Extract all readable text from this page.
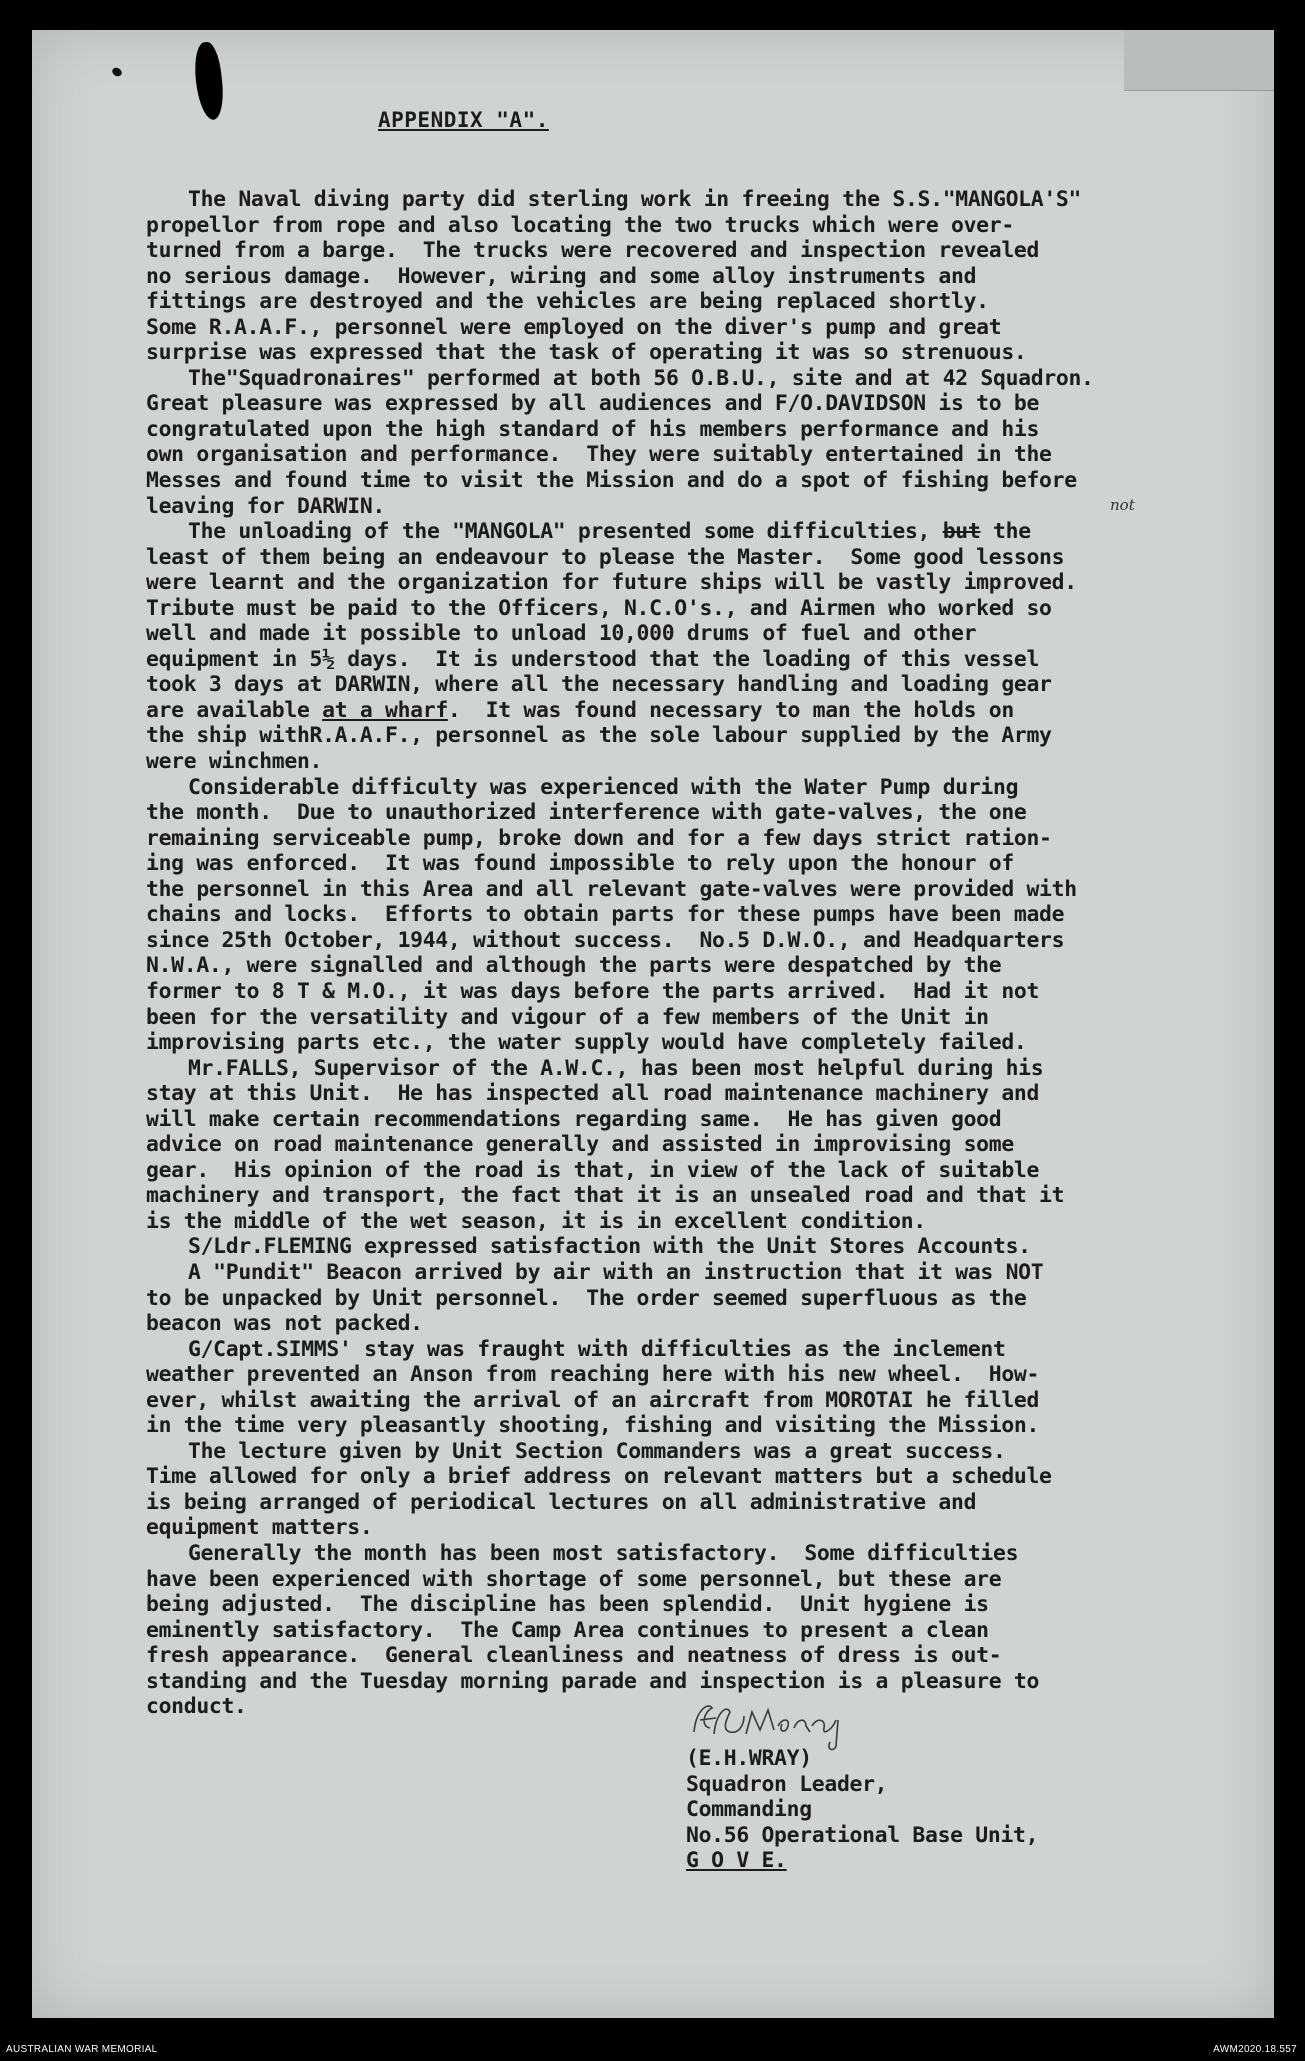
APPENDIX "A".

The Naval diving party did sterling work in freeing the S.S."MANGOLA'S"

propellor from rope and also locating the two trucks which were over-

turned from a barge.  The trucks were recovered and inspection revealed

no serious damage.  However, wiring and some alloy instruments and

fittings are destroyed and the vehicles are being replaced shortly.

Some R.A.A.F., personnel were employed on the diver's pump and great

surprise was expressed that the task of operating it was so strenuous.

The"Squadronaires" performed at both 56 O.B.U., site and at 42 Squadron.

Great pleasure was expressed by all audiences and F/O.DAVIDSON is to be

congratulated upon the high standard of his members performance and his

own organisation and performance.  They were suitably entertained in the

Messes and found time to visit the Mission and do a spot of fishing before

leaving for DARWIN.

The unloading of the "MANGOLA" presented some difficulties, but the

least of them being an endeavour to please the Master.  Some good lessons

were learnt and the organization for future ships will be vastly improved.

Tribute must be paid to the Officers, N.C.O's., and Airmen who worked so

well and made it possible to unload 10,000 drums of fuel and other

equipment in 5½ days.  It is understood that the loading of this vessel

took 3 days at DARWIN, where all the necessary handling and loading gear

are available at a wharf.  It was found necessary to man the holds on

the ship withR.A.A.F., personnel as the sole labour supplied by the Army

were winchmen.

Considerable difficulty was experienced with the Water Pump during

the month.  Due to unauthorized interference with gate-valves, the one

remaining serviceable pump, broke down and for a few days strict ration-

ing was enforced.  It was found impossible to rely upon the honour of

the personnel in this Area and all relevant gate-valves were provided with

chains and locks.  Efforts to obtain parts for these pumps have been made

since 25th October, 1944, without success.  No.5 D.W.O., and Headquarters

N.W.A., were signalled and although the parts were despatched by the

former to 8 T & M.O., it was days before the parts arrived.  Had it not

been for the versatility and vigour of a few members of the Unit in

improvising parts etc., the water supply would have completely failed.

Mr.FALLS, Supervisor of the A.W.C., has been most helpful during his

stay at this Unit.  He has inspected all road maintenance machinery and

will make certain recommendations regarding same.  He has given good

advice on road maintenance generally and assisted in improvising some

gear.  His opinion of the road is that, in view of the lack of suitable

machinery and transport, the fact that it is an unsealed road and that it

is the middle of the wet season, it is in excellent condition.

S/Ldr.FLEMING expressed satisfaction with the Unit Stores Accounts.

A "Pundit" Beacon arrived by air with an instruction that it was NOT

to be unpacked by Unit personnel.  The order seemed superfluous as the

beacon was not packed.

G/Capt.SIMMS' stay was fraught with difficulties as the inclement

weather prevented an Anson from reaching here with his new wheel.  How-

ever, whilst awaiting the arrival of an aircraft from MOROTAI he filled

in the time very pleasantly shooting, fishing and visiting the Mission.

The lecture given by Unit Section Commanders was a great success.

Time allowed for only a brief address on relevant matters but a schedule

is being arranged of periodical lectures on all administrative and

equipment matters.

Generally the month has been most satisfactory.  Some difficulties

have been experienced with shortage of some personnel, but these are

being adjusted.  The discipline has been splendid.  Unit hygiene is

eminently satisfactory.  The Camp Area continues to present a clean

fresh appearance.  General cleanliness and neatness of dress is out-

standing and the Tuesday morning parade and inspection is a pleasure to

conduct.

not

(E.H.WRAY)

Squadron Leader,

Commanding

No.56 Operational Base Unit,

G O V E.

AUSTRALIAN WAR MEMORIAL	AWM2020.18.557
